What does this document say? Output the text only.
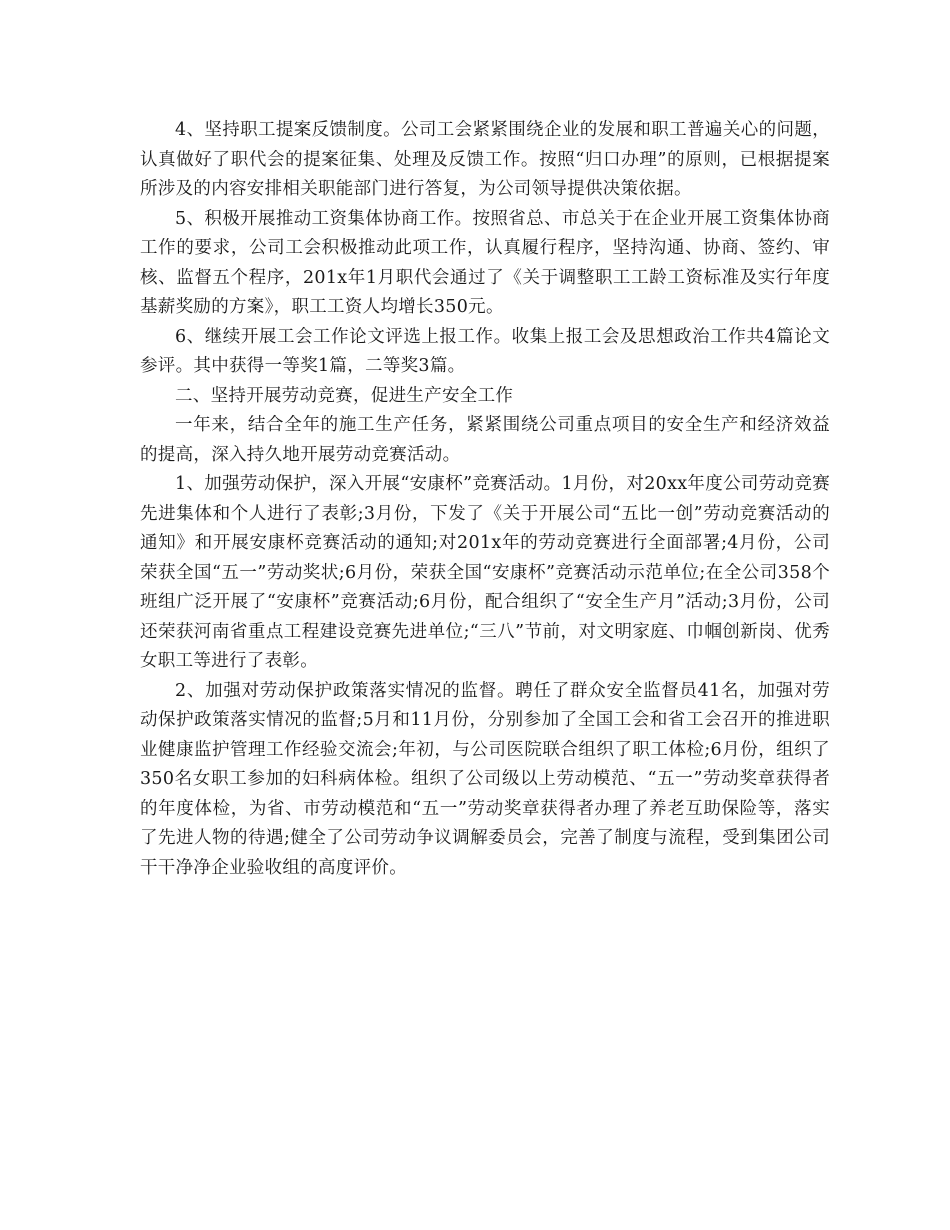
4、坚持职工提案反馈制度。公司工会紧紧围绕企业的发展和职工普遍关心的问题，认真做好了职代会的提案征集、处理及反馈工作。按照“归口办理”的原则，已根据提案所涉及的内容安排相关职能部门进行答复，为公司领导提供决策依据。

5、积极开展推动工资集体协商工作。按照省总、市总关于在企业开展工资集体协商工作的要求，公司工会积极推动此项工作，认真履行程序，坚持沟通、协商、签约、审核、监督五个程序，201x年1月职代会通过了《关于调整职工工龄工资标准及实行年度基薪奖励的方案》，职工工资人均增长350元。

6、继续开展工会工作论文评选上报工作。收集上报工会及思想政治工作共4篇论文参评。其中获得一等奖1篇，二等奖3篇。

二、坚持开展劳动竞赛，促进生产安全工作

一年来，结合全年的施工生产任务，紧紧围绕公司重点项目的安全生产和经济效益的提高，深入持久地开展劳动竞赛活动。

1、加强劳动保护，深入开展“安康杯”竞赛活动。1月份，对20xx年度公司劳动竞赛先进集体和个人进行了表彰;3月份，下发了《关于开展公司“五比一创”劳动竞赛活动的通知》和开展安康杯竞赛活动的通知;对201x年的劳动竞赛进行全面部署;4月份，公司荣获全国“五一”劳动奖状;6月份，荣获全国“安康杯”竞赛活动示范单位;在全公司358个班组广泛开展了“安康杯”竞赛活动;6月份，配合组织了“安全生产月”活动;3月份，公司还荣获河南省重点工程建设竞赛先进单位;“三八”节前，对文明家庭、巾帼创新岗、优秀女职工等进行了表彰。

2、加强对劳动保护政策落实情况的监督。聘任了群众安全监督员41名，加强对劳动保护政策落实情况的监督;5月和11月份，分别参加了全国工会和省工会召开的推进职业健康监护管理工作经验交流会;年初，与公司医院联合组织了职工体检;6月份，组织了350名女职工参加的妇科病体检。组织了公司级以上劳动模范、“五一”劳动奖章获得者的年度体检，为省、市劳动模范和“五一”劳动奖章获得者办理了养老互助保险等，落实了先进人物的待遇;健全了公司劳动争议调解委员会，完善了制度与流程，受到集团公司干干净净企业验收组的高度评价。
